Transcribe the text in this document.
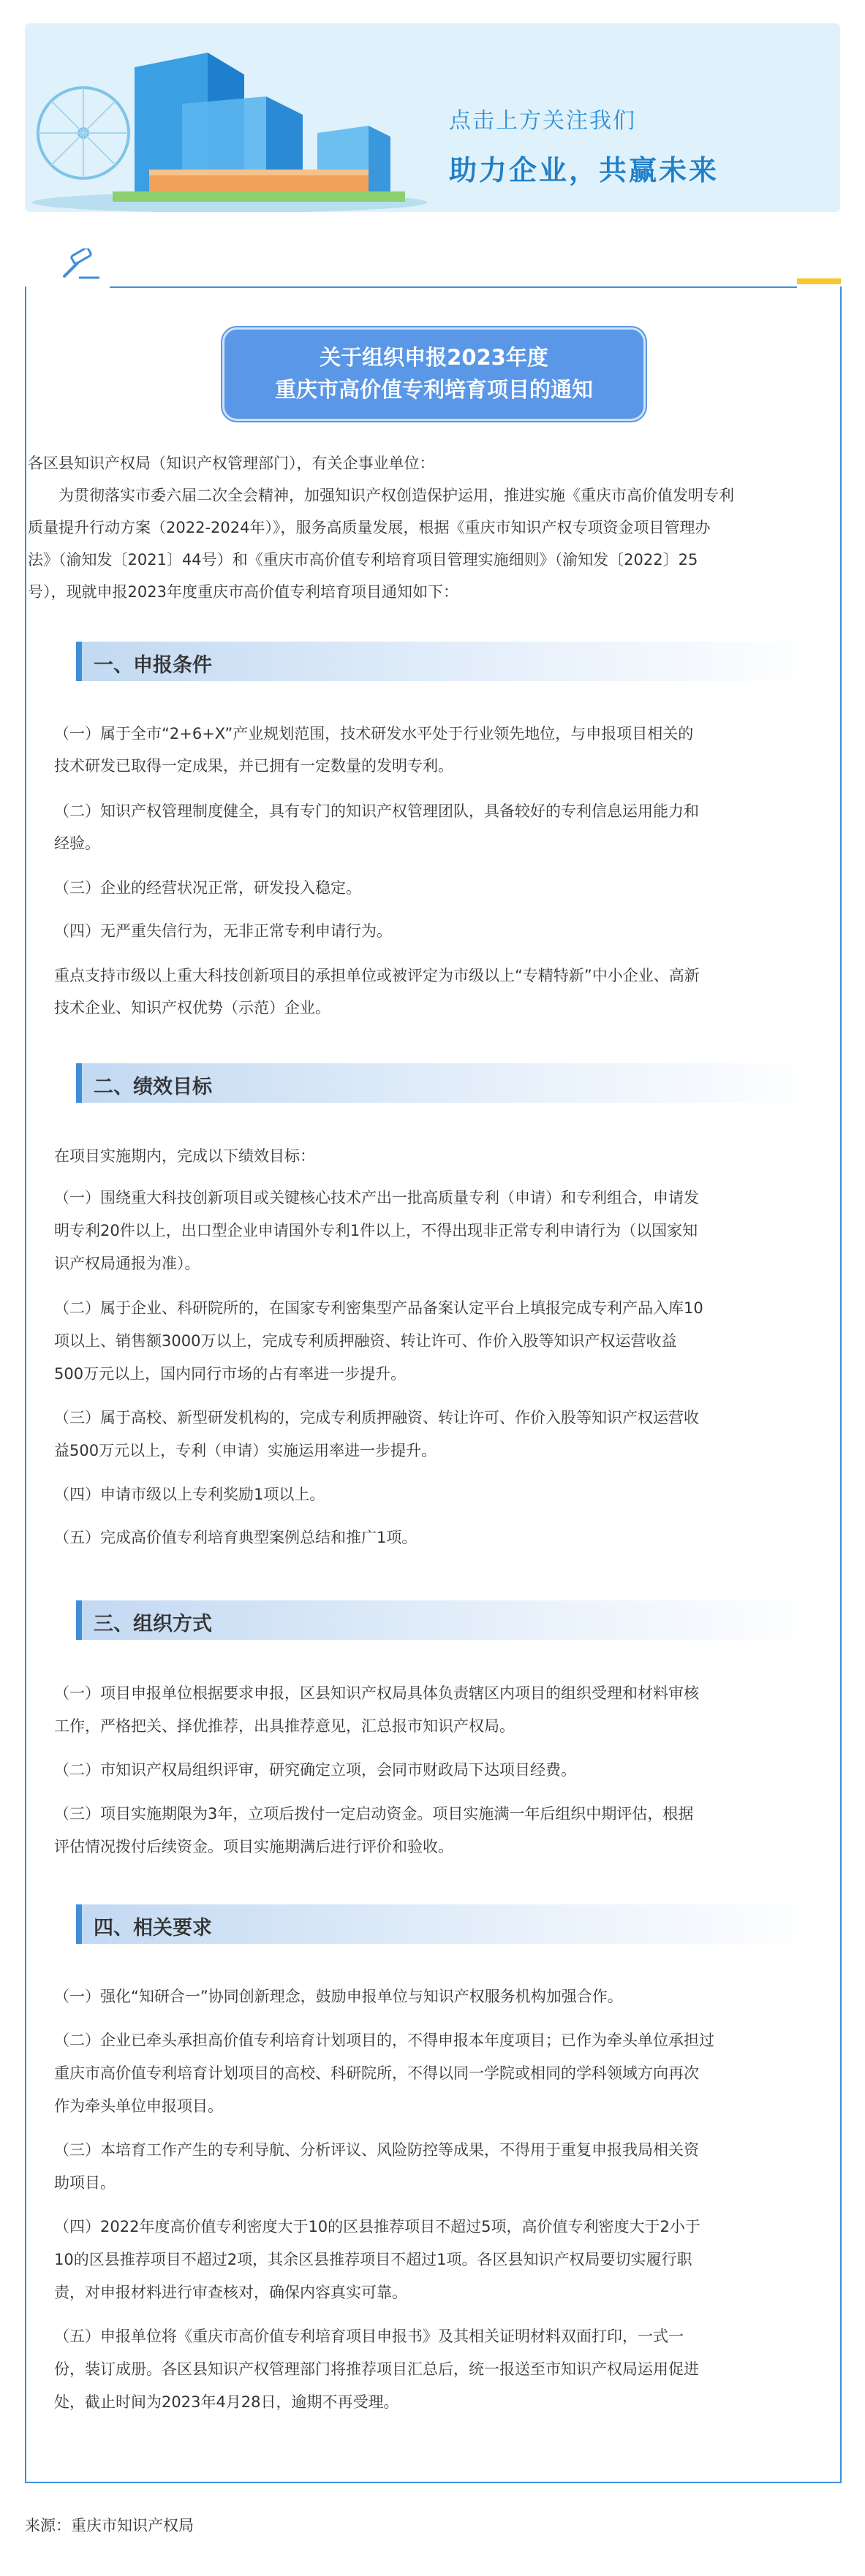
点击上方关注我们
助力企业，共赢未来
关于组织申报2023年度
重庆市高价值专利培育项目的通知
各区县知识产权局（知识产权管理部门），有关企事业单位：
　　为贯彻落实市委六届二次全会精神，加强知识产权创造保护运用，推进实施《重庆市高价值发明专利
质量提升行动方案（2022-2024年）》，服务高质量发展，根据《重庆市知识产权专项资金项目管理办
法》（渝知发〔2021〕44号）和《重庆市高价值专利培育项目管理实施细则》（渝知发〔2022〕25
号），现就申报2023年度重庆市高价值专利培育项目通知如下：
一、申报条件
（一）属于全市“2+6+X”产业规划范围，技术研发水平处于行业领先地位，与申报项目相关的
技术研发已取得一定成果，并已拥有一定数量的发明专利。
（二）知识产权管理制度健全，具有专门的知识产权管理团队，具备较好的专利信息运用能力和
经验。
（三）企业的经营状况正常，研发投入稳定。
（四）无严重失信行为，无非正常专利申请行为。
重点支持市级以上重大科技创新项目的承担单位或被评定为市级以上“专精特新”中小企业、高新
技术企业、知识产权优势（示范）企业。
二、绩效目标
在项目实施期内，完成以下绩效目标：
（一）围绕重大科技创新项目或关键核心技术产出一批高质量专利（申请）和专利组合，申请发
明专利20件以上，出口型企业申请国外专利1件以上，不得出现非正常专利申请行为（以国家知
识产权局通报为准）。
（二）属于企业、科研院所的，在国家专利密集型产品备案认定平台上填报完成专利产品入库10
项以上、销售额3000万以上，完成专利质押融资、转让许可、作价入股等知识产权运营收益
500万元以上，国内同行市场的占有率进一步提升。
（三）属于高校、新型研发机构的，完成专利质押融资、转让许可、作价入股等知识产权运营收
益500万元以上，专利（申请）实施运用率进一步提升。
（四）申请市级以上专利奖励1项以上。
（五）完成高价值专利培育典型案例总结和推广1项。
三、组织方式
（一）项目申报单位根据要求申报，区县知识产权局具体负责辖区内项目的组织受理和材料审核
工作，严格把关、择优推荐，出具推荐意见，汇总报市知识产权局。
（二）市知识产权局组织评审，研究确定立项，会同市财政局下达项目经费。
（三）项目实施期限为3年，立项后拨付一定启动资金。项目实施满一年后组织中期评估，根据
评估情况拨付后续资金。项目实施期满后进行评价和验收。
四、相关要求
（一）强化“知研合一”协同创新理念，鼓励申报单位与知识产权服务机构加强合作。
（二）企业已牵头承担高价值专利培育计划项目的，不得申报本年度项目；已作为牵头单位承担过
重庆市高价值专利培育计划项目的高校、科研院所，不得以同一学院或相同的学科领域方向再次
作为牵头单位申报项目。
（三）本培育工作产生的专利导航、分析评议、风险防控等成果，不得用于重复申报我局相关资
助项目。
（四）2022年度高价值专利密度大于10的区县推荐项目不超过5项，高价值专利密度大于2小于
10的区县推荐项目不超过2项，其余区县推荐项目不超过1项。各区县知识产权局要切实履行职
责，对申报材料进行审查核对，确保内容真实可靠。
（五）申报单位将《重庆市高价值专利培育项目申报书》及其相关证明材料双面打印，一式一
份，装订成册。各区县知识产权管理部门将推荐项目汇总后，统一报送至市知识产权局运用促进
处，截止时间为2023年4月28日，逾期不再受理。
来源：重庆市知识产权局
